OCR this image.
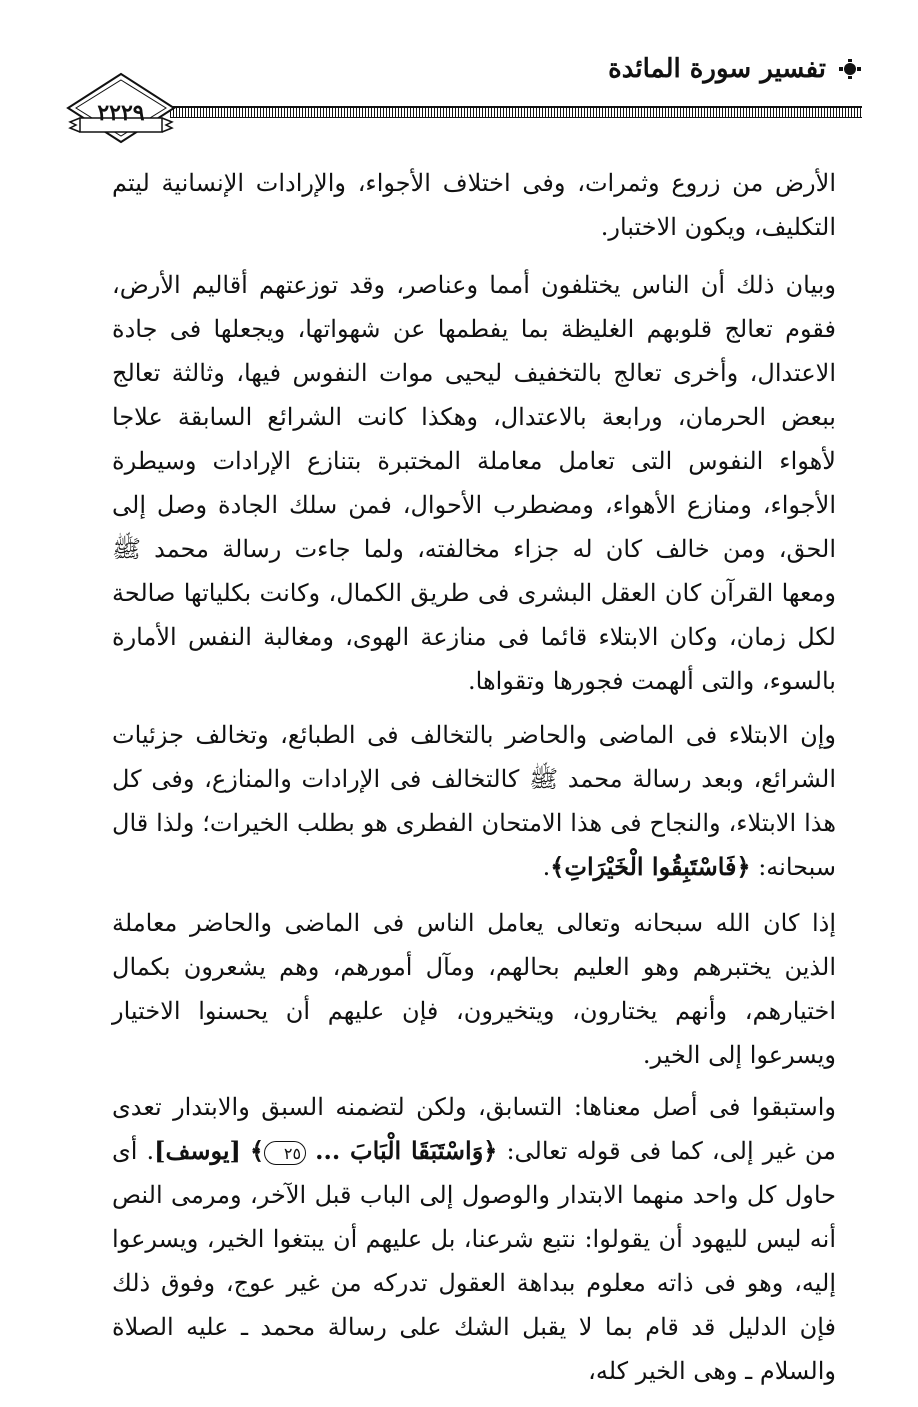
تفسير سورة المائدة
٢٢٢٩

الأرض من زروع وثمرات، وفى اختلاف الأجواء، والإرادات الإنسانية ليتم التكليف، ويكون الاختبار.

وبيان ذلك أن الناس يختلفون أمما وعناصر، وقد توزعتهم أقاليم الأرض، فقوم تعالج قلوبهم الغليظة بما يفطمها عن شهواتها، ويجعلها فى جادة الاعتدال، وأخرى تعالج بالتخفيف ليحيى موات النفوس فيها، وثالثة تعالج ببعض الحرمان، ورابعة بالاعتدال، وهكذا كانت الشرائع السابقة علاجا لأهواء النفوس التى تعامل معاملة المختبرة بتنازع الإرادات وسيطرة الأجواء، ومنازع الأهواء، ومضطرب الأحوال، فمن سلك الجادة وصل إلى الحق، ومن خالف كان له جزاء مخالفته، ولما جاءت رسالة محمد ﷺ ومعها القرآن كان العقل البشرى فى طريق الكمال، وكانت بكلياتها صالحة لكل زمان، وكان الابتلاء قائما فى منازعة الهوى، ومغالبة النفس الأمارة بالسوء، والتى ألهمت فجورها وتقواها.

وإن الابتلاء فى الماضى والحاضر بالتخالف فى الطبائع، وتخالف جزئيات الشرائع، وبعد رسالة محمد ﷺ كالتخالف فى الإرادات والمنازع، وفى كل هذا الابتلاء، والنجاح فى هذا الامتحان الفطرى هو بطلب الخيرات؛ ولذا قال سبحانه: ﴿فَاسْتَبِقُوا الْخَيْرَاتِ﴾.

إذا كان الله سبحانه وتعالى يعامل الناس فى الماضى والحاضر معاملة الذين يختبرهم وهو العليم بحالهم، ومآل أمورهم، وهم يشعرون بكمال اختيارهم، وأنهم يختارون، ويتخيرون، فإن عليهم أن يحسنوا الاختيار ويسرعوا إلى الخير.

واستبقوا فى أصل معناها: التسابق، ولكن لتضمنه السبق والابتدار تعدى من غير إلى، كما فى قوله تعالى: ﴿وَاسْتَبَقَا الْبَابَ ... ٢٥﴾ [يوسف]. أى حاول كل واحد منهما الابتدار والوصول إلى الباب قبل الآخر، ومرمى النص أنه ليس لليهود أن يقولوا: نتبع شرعنا، بل عليهم أن يبتغوا الخير، ويسرعوا إليه، وهو فى ذاته معلوم ببداهة العقول تدركه من غير عوج، وفوق ذلك فإن الدليل قد قام بما لا يقبل الشك على رسالة محمد ـ عليه الصلاة والسلام ـ وهى الخير كله،
